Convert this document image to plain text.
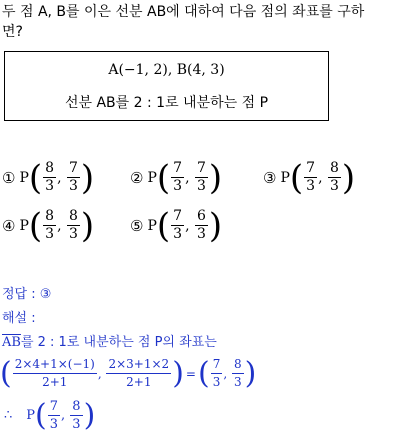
두 점 A, B를 이은 선분 AB에 대하여 다음 점의 좌표를 구하
면?
A(−1, 2), B(4, 3)
선분 AB를 2 : 1로 내분하는 점 P
① P ( $\frac{8}{3}$ , $\frac{7}{3}$ ) ② P ( $\frac{7}{3}$ , $\frac{7}{3}$ )	③ P ( $\frac{7}{3}$ , $\frac{8}{3}$ )
④ P ( $\frac{8}{3}$ , $\frac{8}{3}$ ) ⑤ P ( $\frac{7}{3}$ , $\frac{6}{3}$ )
정답 : ③
해설 :
$\overline{AB}$를 2 : 1로 내분하는 점 P의 좌표는
( $\frac{2\times 4+1\times(-1)}{2+1}$ , $\frac{2\times 3+1\times 2}{2+1}$ ) = ( $\frac{7}{3}$ , $\frac{8}{3}$ )
∴ P ( $\frac{7}{3}$ , $\frac{8}{3}$ )
